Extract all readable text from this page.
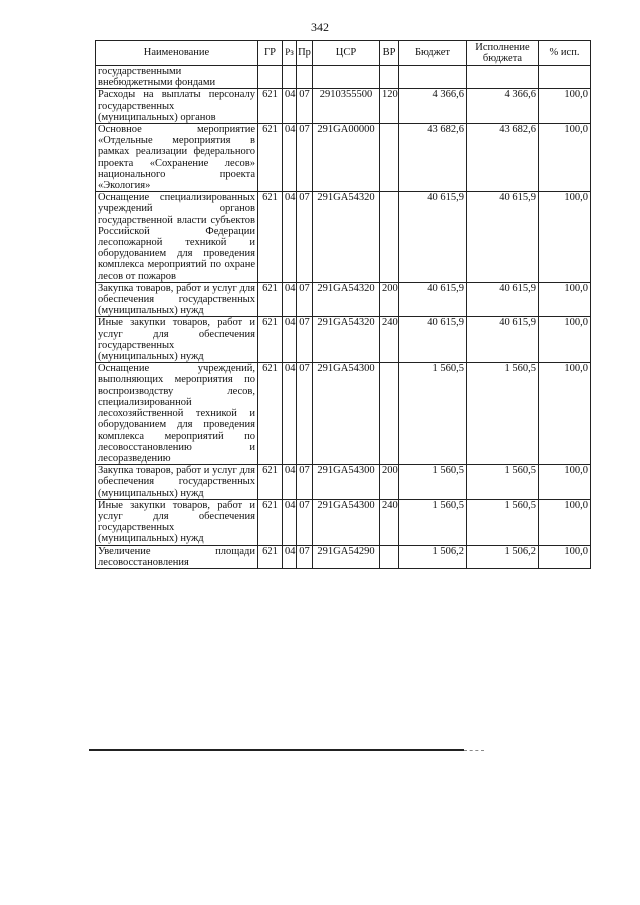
342
Наименование	ГР	Рз	Пр	ЦСР	ВР	Бюджет	Исполнение бюджета	% исп.
государственными внебюджетными фондами								
Расходы на выплаты персоналу государственных (муниципальных) органов	621	04	07	2910355500	120	4 366,6	4 366,6	100,0
Основное мероприятие «Отдельные мероприятия в рамках реализации федерального проекта «Сохранение лесов» национального проекта «Экология»	621	04	07	291GA00000		43 682,6	43 682,6	100,0
Оснащение специализированных учреждений органов государственной власти субъектов Российской Федерации лесопожарной техникой и оборудованием для проведения комплекса мероприятий по охране лесов от пожаров	621	04	07	291GA54320		40 615,9	40 615,9	100,0
Закупка товаров, работ и услуг для обеспечения государственных (муниципальных) нужд	621	04	07	291GA54320	200	40 615,9	40 615,9	100,0
Иные закупки товаров, работ и услуг для обеспечения государственных (муниципальных) нужд	621	04	07	291GA54320	240	40 615,9	40 615,9	100,0
Оснащение учреждений, выполняющих мероприятия по воспроизводству лесов, специализированной лесохозяйственной техникой и оборудованием для проведения комплекса мероприятий по лесовосстановлению и лесоразведению	621	04	07	291GA54300		1 560,5	1 560,5	100,0
Закупка товаров, работ и услуг для обеспечения государственных (муниципальных) нужд	621	04	07	291GA54300	200	1 560,5	1 560,5	100,0
Иные закупки товаров, работ и услуг для обеспечения государственных (муниципальных) нужд	621	04	07	291GA54300	240	1 560,5	1 560,5	100,0
Увеличение площади лесовосстановления	621	04	07	291GA54290		1 506,2	1 506,2	100,0
